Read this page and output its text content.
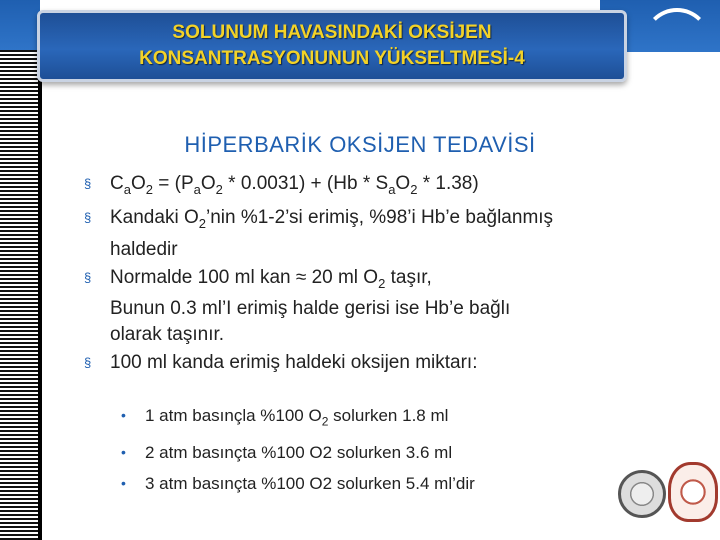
SOLUNUM HAVASINDAKİ OKSİJEN
KONSANTRASYONUNUN YÜKSELTMESİ-4
HİPERBARİK OKSİJEN TEDAVİSİ
§ $C_aO_2 = (P_aO_2 * 0.0031) + (Hb * S_aO_2 * 1.38)$
§ Kandaki $O_2’nin$ %1-2’si erimiş, %98’i Hb’e bağlanmış
haldedir
§ Normalde 100 ml kan ≈ 20 ml $O_2$ taşır,
Bunun 0.3 ml’I erimiş halde gerisi ise Hb’e bağlı
olarak taşınır.
§ 100 ml kanda erimiş haldeki oksijen miktarı:
• 1 atm basınçla %100 $O_2$ solurken 1.8 ml
• 2 atm basınçta %100 O2 solurken 3.6 ml
• 3 atm basınçta %100 O2 solurken 5.4 ml’dir
